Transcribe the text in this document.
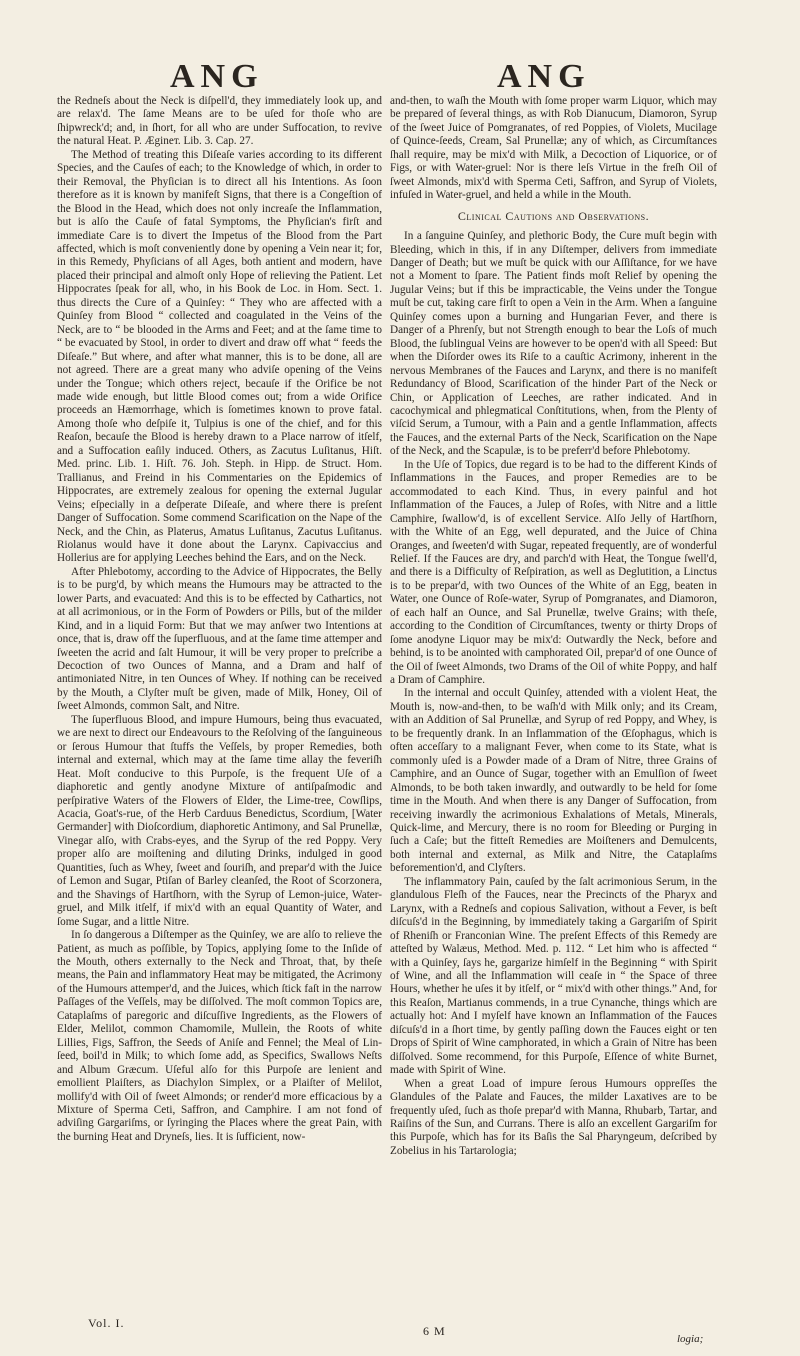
ANG	ANG

the Redneſs about the Neck is diſpell'd, they immediately look up, and are relax'd. The ſame Means are to be uſed for thoſe who are ſhipwreck'd; and, in ſhort, for all who are under Suffocation, to revive the natural Heat. P. Ægineт. Lib. 3. Cap. 27.

The Method of treating this Diſeaſe varies according to its different Species, and the Cauſes of each; to the Knowledge of which, in order to their Removal, the Phyſician is to direct all his Intentions. As ſoon therefore as it is known by manifeſt Signs, that there is a Congeſtion of the Blood in the Head, which does not only increaſe the Inflammation, but is alſo the Cauſe of fatal Symptoms, the Phyſician's firſt and immediate Care is to divert the Impetus of the Blood from the Part affected, which is moſt conveniently done by opening a Vein near it; for, in this Remedy, Phyſicians of all Ages, both antient and modern, have placed their principal and almoſt only Hope of relieving the Patient. Let Hippocrates ſpeak for all, who, in his Book de Loc. in Hom. Sect. 1. thus directs the Cure of a Quinſey: “ They who are affected with a Quinſey from Blood “ collected and coagulated in the Veins of the Neck, are to “ be blooded in the Arms and Feet; and at the ſame time to “ be evacuated by Stool, in order to divert and draw off what “ feeds the Diſeaſe.” But where, and after what manner, this is to be done, all are not agreed. There are a great many who adviſe opening of the Veins under the Tongue; which others reject, becauſe if the Orifice be not made wide enough, but little Blood comes out; from a wide Orifice proceeds an Hæmorrhage, which is ſometimes known to prove fatal. Among thoſe who deſpiſe it, Tulpius is one of the chief, and for this Reaſon, becauſe the Blood is hereby drawn to a Place narrow of itſelf, and a Suffocation eaſily induced. Others, as Zacutus Luſitanus, Hiſt. Med. princ. Lib. 1. Hiſt. 76. Joh. Steph. in Hipp. de Struct. Hom. Trallianus, and Freind in his Commentaries on the Epidemics of Hippocrates, are extremely zealous for opening the external Jugular Veins; eſpecially in a deſperate Diſeaſe, and where there is preſent Danger of Suffocation. Some commend Scarification on the Nape of the Neck, and the Chin, as Platerus, Amatus Luſitanus, Zacutus Luſitanus. Riolanus would have it done about the Larynx. Capivaccius and Hollerius are for applying Leeches behind the Ears, and on the Neck.

After Phlebotomy, according to the Advice of Hippocrates, the Belly is to be purg'd, by which means the Humours may be attracted to the lower Parts, and evacuated: And this is to be effected by Cathartics, not at all acrimonious, or in the Form of Powders or Pills, but of the milder Kind, and in a liquid Form: But that we may anſwer two Intentions at once, that is, draw off the ſuperfluous, and at the ſame time attemper and ſweeten the acrid and ſalt Humour, it will be very proper to preſcribe a Decoction of two Ounces of Manna, and a Dram and half of antimoniated Nitre, in ten Ounces of Whey. If nothing can be received by the Mouth, a Clyſter muſt be given, made of Milk, Honey, Oil of ſweet Almonds, common Salt, and Nitre.

The ſuperfluous Blood, and impure Humours, being thus evacuated, we are next to direct our Endeavours to the Reſolving of the ſanguineous or ſerous Humour that ſtuffs the Veſſels, by proper Remedies, both internal and external, which may at the ſame time allay the feveriſh Heat. Moſt conducive to this Purpoſe, is the frequent Uſe of a diaphoretic and gently anodyne Mixture of antiſpaſmodic and perſpirative Waters of the Flowers of Elder, the Lime-tree, Cowſlips, Acacia, Goat's-rue, of the Herb Carduus Benedictus, Scordium, [Water Germander] with Dioſcordium, diaphoretic Antimony, and Sal Prunellæ, Vinegar alſo, with Crabs-eyes, and the Syrup of the red Poppy. Very proper alſo are moiſtening and diluting Drinks, indulged in good Quantities, ſuch as Whey, ſweet and ſouriſh, and prepar'd with the Juice of Lemon and Sugar, Ptiſan of Barley cleanſed, the Root of Scorzonera, and the Shavings of Hartſhorn, with the Syrup of Lemon-juice, Water-gruel, and Milk itſelf, if mix'd with an equal Quantity of Water, and ſome Sugar, and a little Nitre.

In ſo dangerous a Diſtemper as the Quinſey, we are alſo to relieve the Patient, as much as poſſible, by Topics, applying ſome to the Inſide of the Mouth, others externally to the Neck and Throat, that, by theſe means, the Pain and inflammatory Heat may be mitigated, the Acrimony of the Humours attemper'd, and the Juices, which ſtick faſt in the narrow Paſſages of the Veſſels, may be diſſolved. The moſt common Topics are, Cataplaſms of paregoric and diſcuſſive Ingredients, as the Flowers of Elder, Melilot, common Chamomile, Mullein, the Roots of white Lillies, Figs, Saffron, the Seeds of Aniſe and Fennel; the Meal of Lin-ſeed, boil'd in Milk; to which ſome add, as Specifics, Swallows Neſts and Album Græcum. Uſeful alſo for this Purpoſe are lenient and emollient Plaiſters, as Diachylon Simplex, or a Plaiſter of Melilot, mollify'd with Oil of ſweet Almonds; or render'd more efficacious by a Mixture of Sperma Ceti, Saffron, and Camphire. I am not fond of adviſing Gargariſms, or ſyringing the Places where the great Pain, with the burning Heat and Dryneſs, lies. It is ſufficient, now-

and-then, to waſh the Mouth with ſome proper warm Liquor, which may be prepared of ſeveral things, as with Rob Dianucum, Diamoron, Syrup of the ſweet Juice of Pomgranates, of red Poppies, of Violets, Mucilage of Quince-ſeeds, Cream, Sal Prunellæ; any of which, as Circumſtances ſhall require, may be mix'd with Milk, a Decoction of Liquorice, or of Figs, or with Water-gruel: Nor is there leſs Virtue in the freſh Oil of ſweet Almonds, mix'd with Sperma Ceti, Saffron, and Syrup of Violets, infuſed in Water-gruel, and held a while in the Mouth.

Clinical Cautions and Observations.

In a ſanguine Quinſey, and plethoric Body, the Cure muſt begin with Bleeding, which in this, if in any Diſtemper, delivers from immediate Danger of Death; but we muſt be quick with our Aſſiſtance, for we have not a Moment to ſpare. The Patient finds moſt Relief by opening the Jugular Veins; but if this be impracticable, the Veins under the Tongue muſt be cut, taking care firſt to open a Vein in the Arm. When a ſanguine Quinſey comes upon a burning and Hungarian Fever, and there is Danger of a Phrenſy, but not Strength enough to bear the Loſs of much Blood, the ſublingual Veins are however to be open'd with all Speed: But when the Diſorder owes its Riſe to a cauſtic Acrimony, inherent in the nervous Membranes of the Fauces and Larynx, and there is no manifeſt Redundancy of Blood, Scarification of the hinder Part of the Neck or Chin, or Application of Leeches, are rather indicated. And in cacochymical and phlegmatical Conſtitutions, when, from the Plenty of viſcid Serum, a Tumour, with a Pain and a gentle Inflammation, affects the Fauces, and the external Parts of the Neck, Scarification on the Nape of the Neck, and the Scapulæ, is to be preferr'd before Phlebotomy.

In the Uſe of Topics, due regard is to be had to the different Kinds of Inflammations in the Fauces, and proper Remedies are to be accommodated to each Kind. Thus, in every painful and hot Inflammation of the Fauces, a Julep of Roſes, with Nitre and a little Camphire, ſwallow'd, is of excellent Service. Alſo Jelly of Hartſhorn, with the White of an Egg, well depurated, and the Juice of China Oranges, and ſweeten'd with Sugar, repeated frequently, are of wonderful Relief. If the Fauces are dry, and parch'd with Heat, the Tongue ſwell'd, and there is a Difficulty of Reſpiration, as well as Deglutition, a Linctus is to be prepar'd, with two Ounces of the White of an Egg, beaten in Water, one Ounce of Roſe-water, Syrup of Pomgranates, and Diamoron, of each half an Ounce, and Sal Prunellæ, twelve Grains; with theſe, according to the Condition of Circumſtances, twenty or thirty Drops of ſome anodyne Liquor may be mix'd: Outwardly the Neck, before and behind, is to be anointed with camphorated Oil, prepar'd of one Ounce of the Oil of ſweet Almonds, two Drams of the Oil of white Poppy, and half a Dram of Camphire.

In the internal and occult Quinſey, attended with a violent Heat, the Mouth is, now-and-then, to be waſh'd with Milk only; and its Cream, with an Addition of Sal Prunellæ, and Syrup of red Poppy, and Whey, is to be frequently drank. In an Inflammation of the Œſophagus, which is often acceſſary to a malignant Fever, when come to its State, what is commonly uſed is a Powder made of a Dram of Nitre, three Grains of Camphire, and an Ounce of Sugar, together with an Emulſion of ſweet Almonds, to be both taken inwardly, and outwardly to be held for ſome time in the Mouth. And when there is any Danger of Suffocation, from receiving inwardly the acrimonious Exhalations of Metals, Minerals, Quick-lime, and Mercury, there is no room for Bleeding or Purging in ſuch a Caſe; but the fitteſt Remedies are Moiſteners and Demulcents, both internal and external, as Milk and Nitre, the Cataplaſms beforemention'd, and Clyſters.

The inflammatory Pain, cauſed by the ſalt acrimonious Serum, in the glandulous Fleſh of the Fauces, near the Precincts of the Pharyx and Larynx, with a Redneſs and copious Salivation, without a Fever, is beſt diſcuſs'd in the Beginning, by immediately taking a Gargariſm of Spirit of Rheniſh or Franconian Wine. The preſent Effects of this Remedy are atteſted by Walæus, Method. Med. p. 112. “ Let him who is affected “ with a Quinſey, ſays he, gargarize himſelf in the Beginning “ with Spirit of Wine, and all the Inflammation will ceaſe in “ the Space of three Hours, whether he uſes it by itſelf, or “ mix'd with other things.” And, for this Reaſon, Martianus commends, in a true Cynanche, things which are actually hot: And I myſelf have known an Inflammation of the Fauces diſcuſs'd in a ſhort time, by gently paſſing down the Fauces eight or ten Drops of Spirit of Wine camphorated, in which a Grain of Nitre has been diſſolved. Some recommend, for this Purpoſe, Eſſence of white Burnet, made with Spirit of Wine.

When a great Load of impure ſerous Humours oppreſſes the Glandules of the Palate and Fauces, the milder Laxatives are to be frequently uſed, ſuch as thoſe prepar'd with Manna, Rhubarb, Tartar, and Raiſins of the Sun, and Currans. There is alſo an excellent Gargariſm for this Purpoſe, which has for its Baſis the Sal Pharyngeum, deſcribed by Zobelius in his Tartarologia;

Vol. I.
6 M
logia;
